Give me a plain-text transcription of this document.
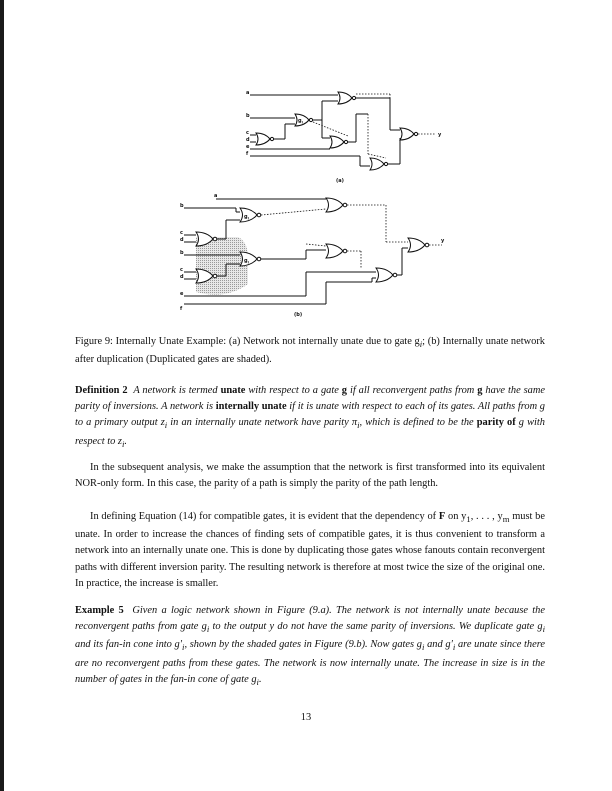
a
b
c
d
e
f
$g_i$
y
(a)
b
a
c
d
b
c
d
e
f
$g_i$
$g_i$
y
(b)
Figure 9: Internally Unate Example: (a) Network not internally unate due to gate $g_i$; (b) Internally unate network after duplication (Duplicated gates are shaded).
Definition 2 A network is termed unate with respect to a gate g if all reconvergent paths from g have the same parity of inversions. A network is internally unate if it is unate with respect to each of its gates. All paths from g to a primary output $z_i$ in an internally unate network have parity $\pi_i$, which is defined to be the parity of g with respect to $z_i$.
In the subsequent analysis, we make the assumption that the network is first transformed into its equivalent NOR-only form. In this case, the parity of a path is simply the parity of the path length.
In defining Equation (14) for compatible gates, it is evident that the dependency of F on $y_1$, . . . , $y_m$ must be unate. In order to increase the chances of finding sets of compatible gates, it is thus convenient to transform a network into an internally unate one. This is done by duplicating those gates whose fanouts contain reconvergent paths with different inversion parity. The resulting network is therefore at most twice the size of the original one. In practice, the increase is smaller.
Example 5 Given a logic network shown in Figure (9.a). The network is not internally unate because the reconvergent paths from gate $g_i$ to the output y do not have the same parity of inversions. We duplicate gate $g_i$ and its fan-in cone into $g'_i$, shown by the shaded gates in Figure (9.b). Now gates $g_i$ and $g'_i$ are unate since there are no reconvergent paths from these gates. The network is now internally unate. The increase in size is in the number of gates in the fan-in cone of gate $g_i$.
13
